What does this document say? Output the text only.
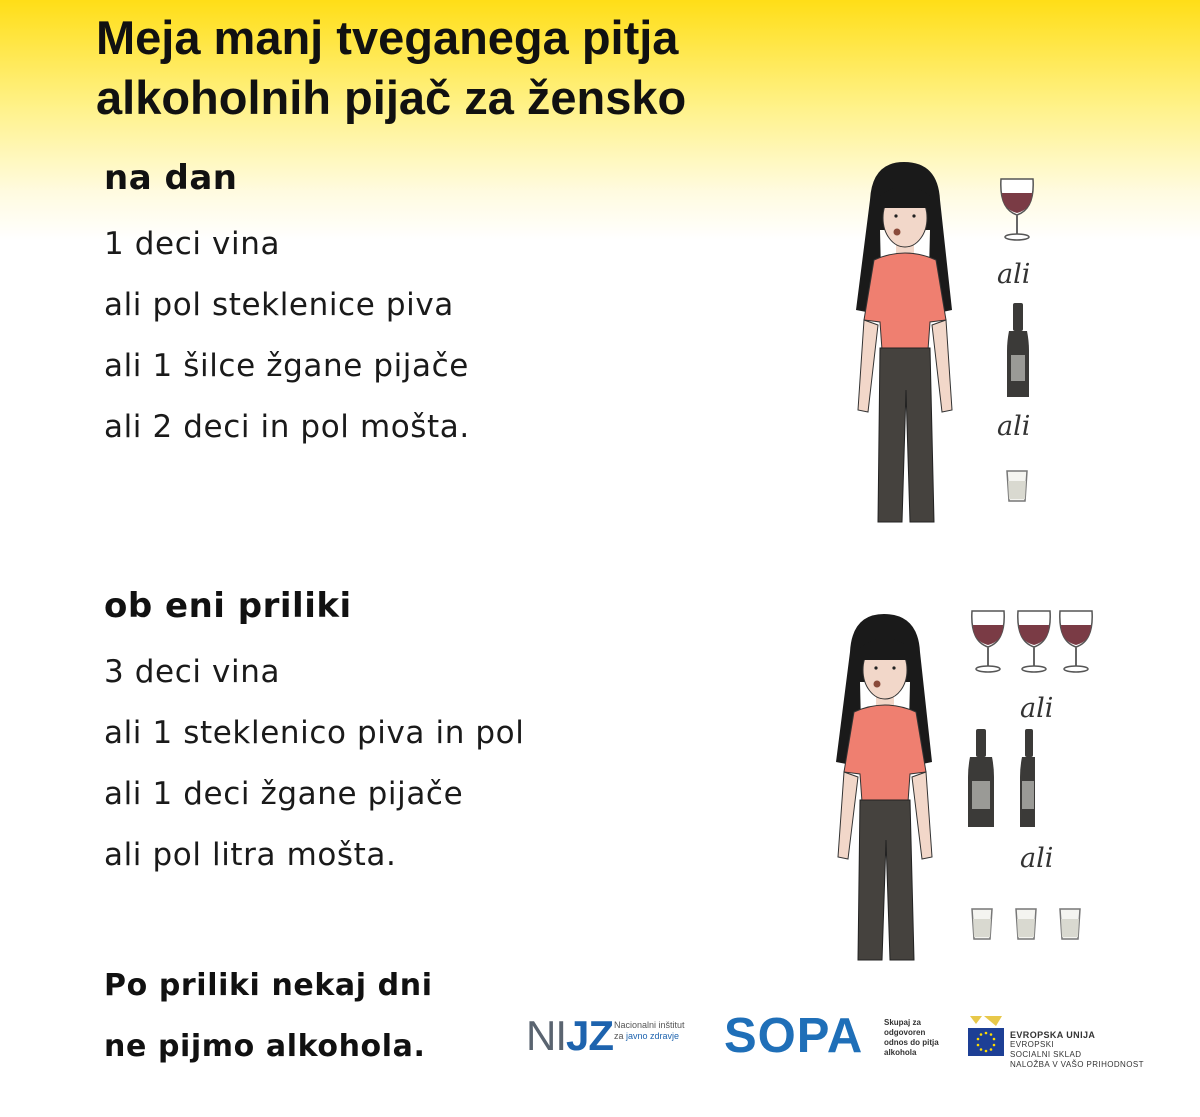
Meja manj tveganega pitja
alkoholnih pijač za žensko
na dan
1 deci vina
ali pol steklenice piva
ali 1 šilce žgane pijače
ali 2 deci in pol mošta.
ob eni priliki
3 deci vina
ali 1 steklenico piva in pol
ali 1 deci žgane pijače
ali pol litra mošta.

Po priliki nekaj dni
ne pijmo alkohola.

ali
ali
ali
ali
NIJZ Nacionalni inštitut
za javno zdravje SOPA	Skupaj za
odgovoren
odnos do pitja
alkohola
EVROPSKA UNIJA
EVROPSKI
SOCIALNI SKLAD
NALOŽBA V VAŠO PRIHODNOST
